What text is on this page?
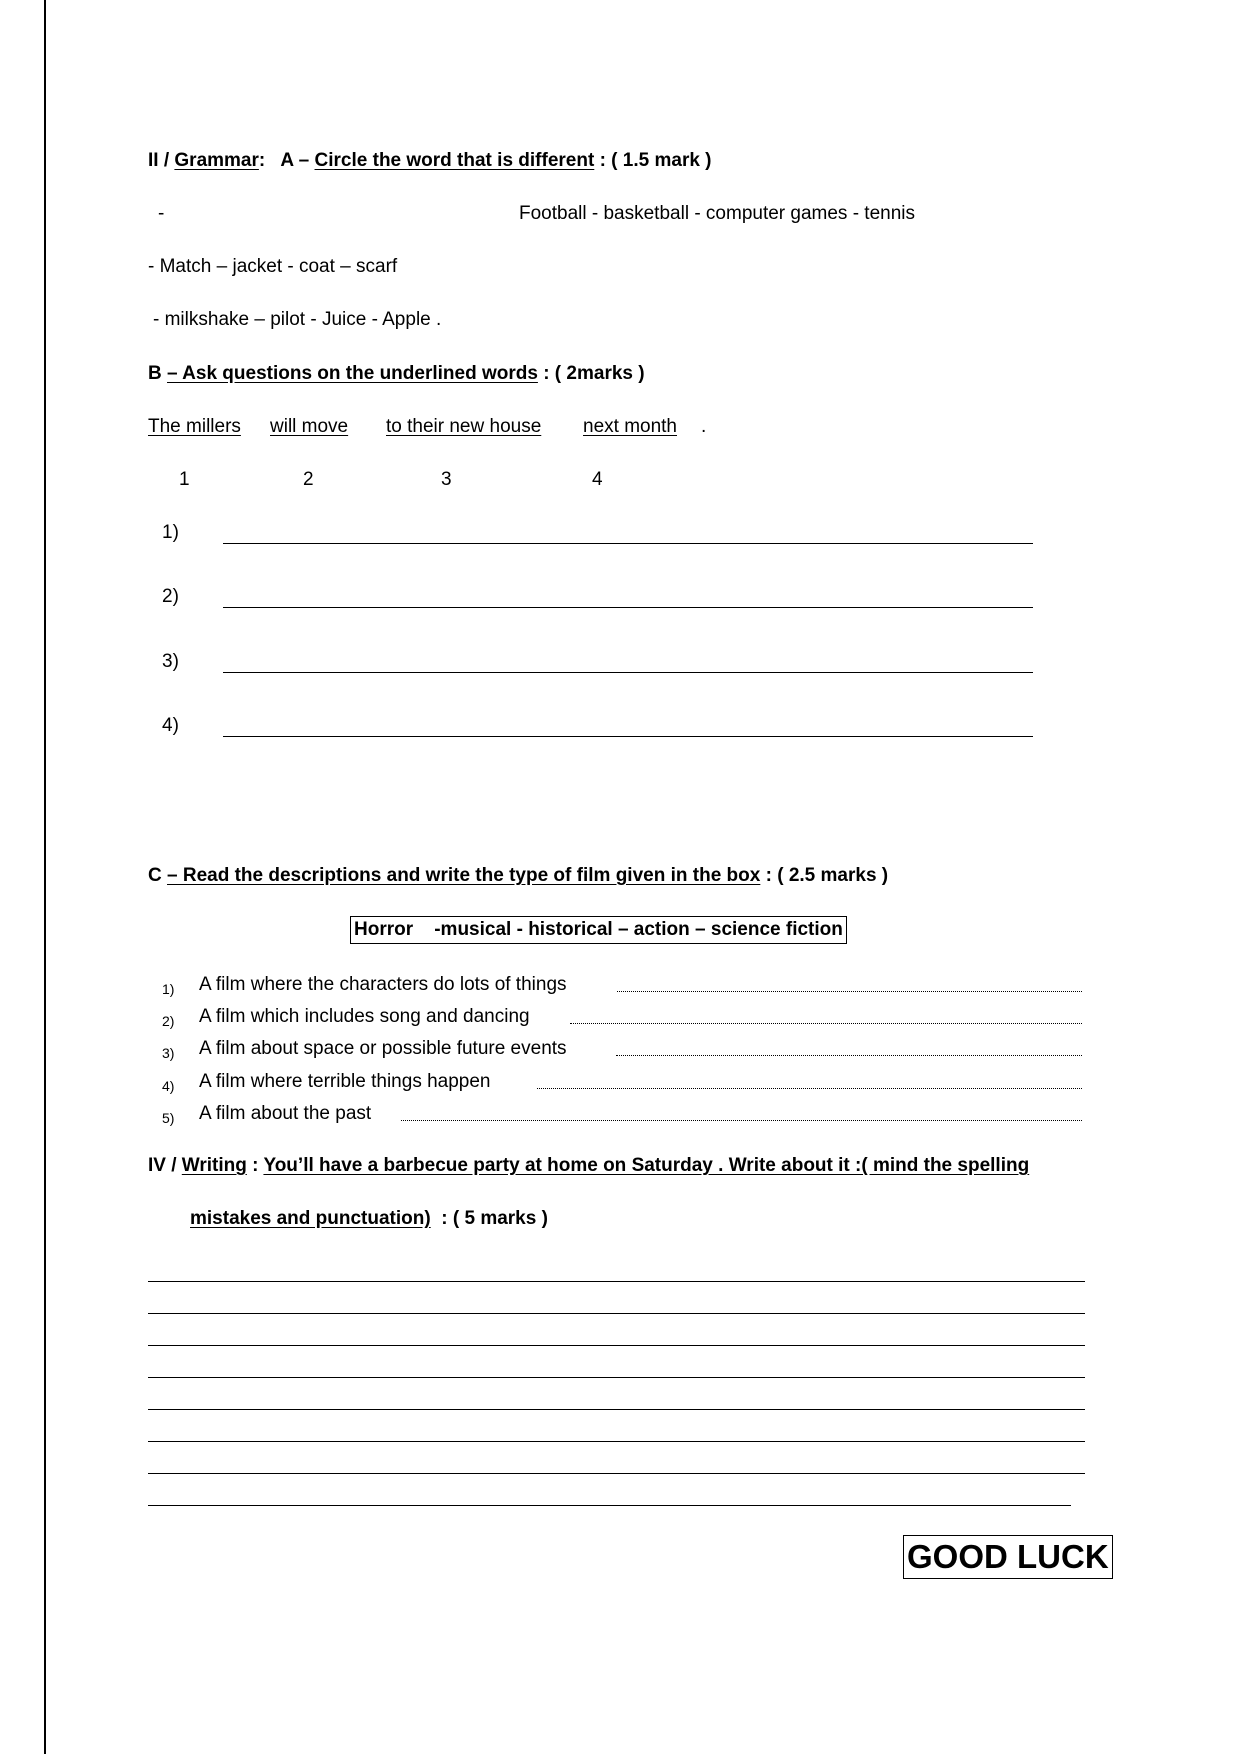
II / Grammar: A – Circle the word that is different : ( 1.5 mark )
-	Football - basketball - computer games - tennis
- Match – jacket - coat – scarf
- milkshake – pilot - Juice - Apple .
B – Ask questions on the underlined words : ( 2marks )
The millers will move to their new house next month .
1	2	3	4
1)
2)
3)
4)
C – Read the descriptions and write the type of film given in the box : ( 2.5 marks )
Horror    -musical - historical – action – science fiction
1) A film where the characters do lots of things
2) A film which includes song and dancing
3) A film about space or possible future events
4) A film where terrible things happen
5) A film about the past
IV / Writing : You’ll have a barbecue party at home on Saturday . Write about it :( mind the spelling
mistakes and punctuation) : ( 5 marks )
GOOD LUCK
